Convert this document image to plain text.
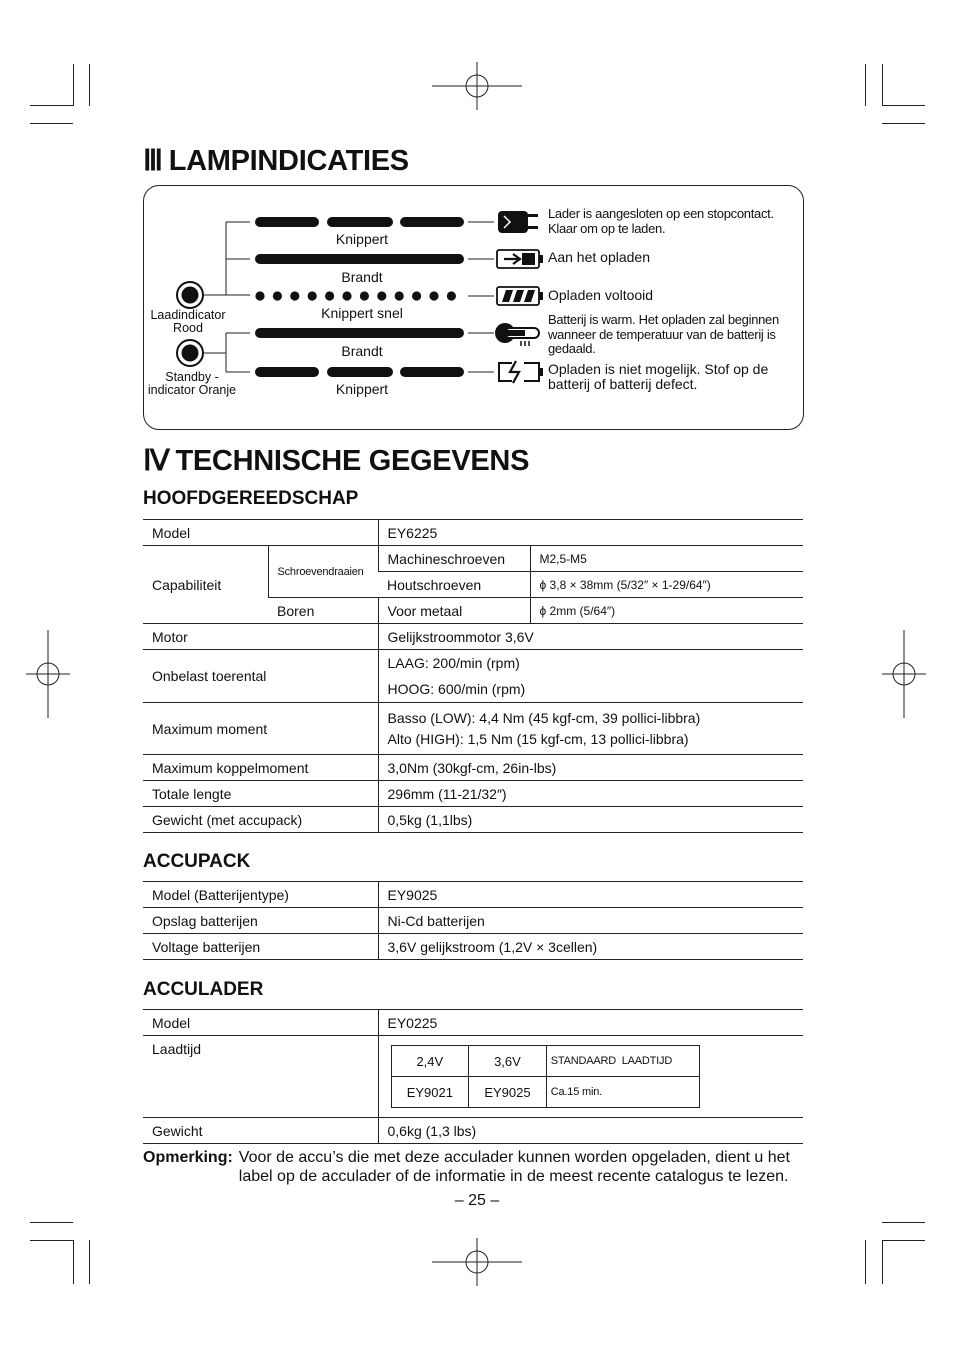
Ⅲ LAMPINDICATIES
Laadindicator
Rood
Standby -
indicator Oranje
Knippert
Brandt
Knippert snel
Brandt
Knippert
Lader is aangesloten op een stopcontact. Klaar om op te laden.
Aan het opladen
Opladen voltooid
Batterij is warm. Het opladen zal beginnen wanneer de temperatuur van de batterij is gedaald.
Opladen is niet mogelijk. Stof op de batterij of batterij defect.
Ⅳ TECHNISCHE GEGEVENS
HOOFDGEREEDSCHAP
Model		EY6225	
Capabiliteit	Schroevendraaien	Machineschroeven	M2,5-M5
		Houtschroeven	ϕ 3,8 × 38mm (5/32″ × 1-29/64″)
	Boren	Voor metaal	ϕ 2mm (5/64″)
Motor		Gelijkstroommotor 3,6V	
Onbelast toerental		LAAG: 200/min (rpm)
HOOG: 600/min (rpm)	

Maximum moment		Basso (LOW): 4,4 Nm (45 kgf-cm, 39 pollici-libbra)
Alto (HIGH): 1,5 Nm (15 kgf-cm, 13 pollici-libbra)	

Maximum koppelmoment		3,0Nm (30kgf-cm, 26in-lbs)	
Totale lengte		296mm (11-21/32″)	
Gewicht (met accupack)		0,5kg (1,1lbs)	
ACCUPACK
Model (Batterijentype)	EY9025
Opslag batterijen	Ni-Cd batterijen
Voltage batterijen	3,6V gelijkstroom (1,2V × 3cellen)
ACCULADER
Model	EY0225
Laadtijd	
2,4V	3,6V	STANDAARD  LAADTIJD
EY9021	EY9025	Ca.15 min.

Gewicht	0,6kg (1,3 lbs)
Opmerking: Voor de accu’s die met deze acculader kunnen worden opgeladen, dient u het label op de acculader of de informatie in de meest recente catalogus te lezen.
– 25 –
